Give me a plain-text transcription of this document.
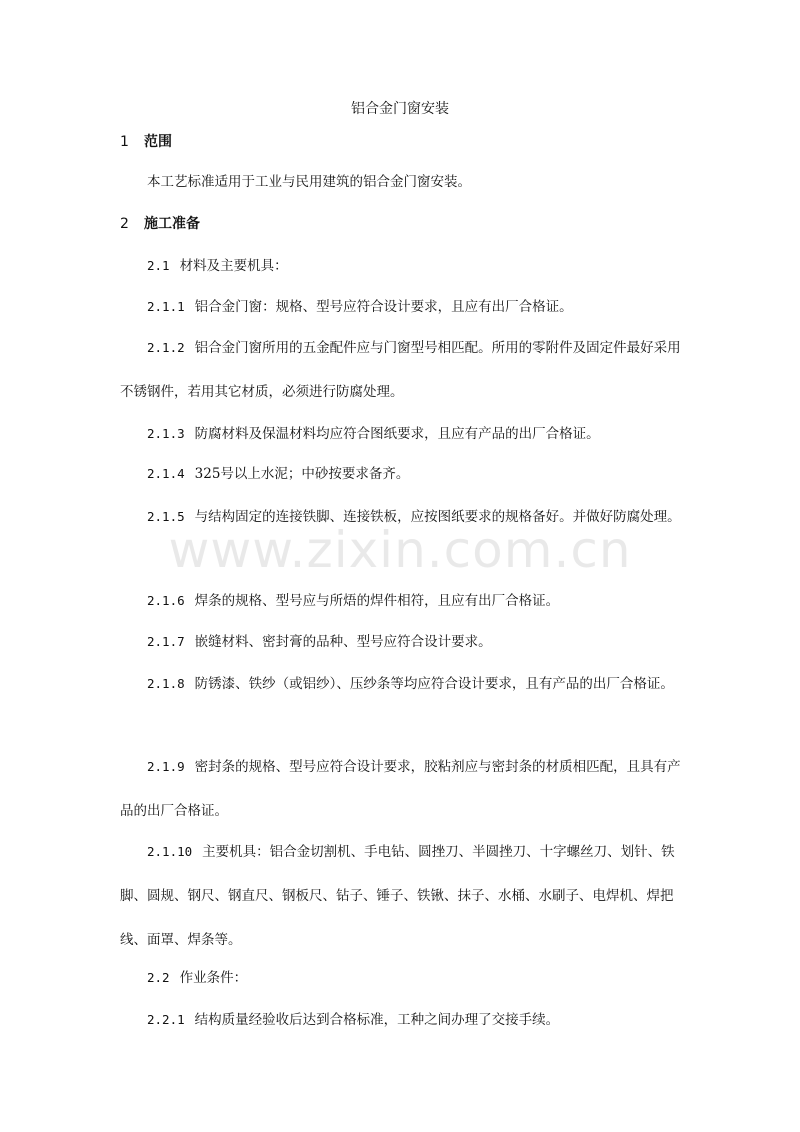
www.zixin.com.cn
铝合金门窗安装
1 范围

本工艺标准适用于工业与民用建筑的铝合金门窗安装。

2 施工准备

2.1 材料及主要机具：

2.1.1 铝合金门窗：规格、型号应符合设计要求，且应有出厂合格证。

2.1.2 铝合金门窗所用的五金配件应与门窗型号相匹配。所用的零附件及固定件最好采用不锈钢件，若用其它材质，必须进行防腐处理。

2.1.3 防腐材料及保温材料均应符合图纸要求，且应有产品的出厂合格证。

2.1.4 325号以上水泥；中砂按要求备齐。

2.1.5 与结构固定的连接铁脚、连接铁板，应按图纸要求的规格备好。并做好防腐处理。

2.1.6 焊条的规格、型号应与所焐的焊件相符，且应有出厂合格证。

2.1.7 嵌缝材料、密封膏的品种、型号应符合设计要求。

2.1.8 防锈漆、铁纱（或铝纱）、压纱条等均应符合设计要求，且有产品的出厂合格证。

2.1.9 密封条的规格、型号应符合设计要求，胶粘剂应与密封条的材质相匹配，且具有产品的出厂合格证。

2.1.10 主要机具：铝合金切割机、手电钻、圆挫刀、半圆挫刀、十字螺丝刀、划针、铁脚、圆规、钢尺、钢直尺、钢板尺、钻子、锤子、铁锹、抹子、水桶、水刷子、电焊机、焊把线、面罩、焊条等。

2.2 作业条件：

2.2.1 结构质量经验收后达到合格标准，工种之间办理了交接手续。
